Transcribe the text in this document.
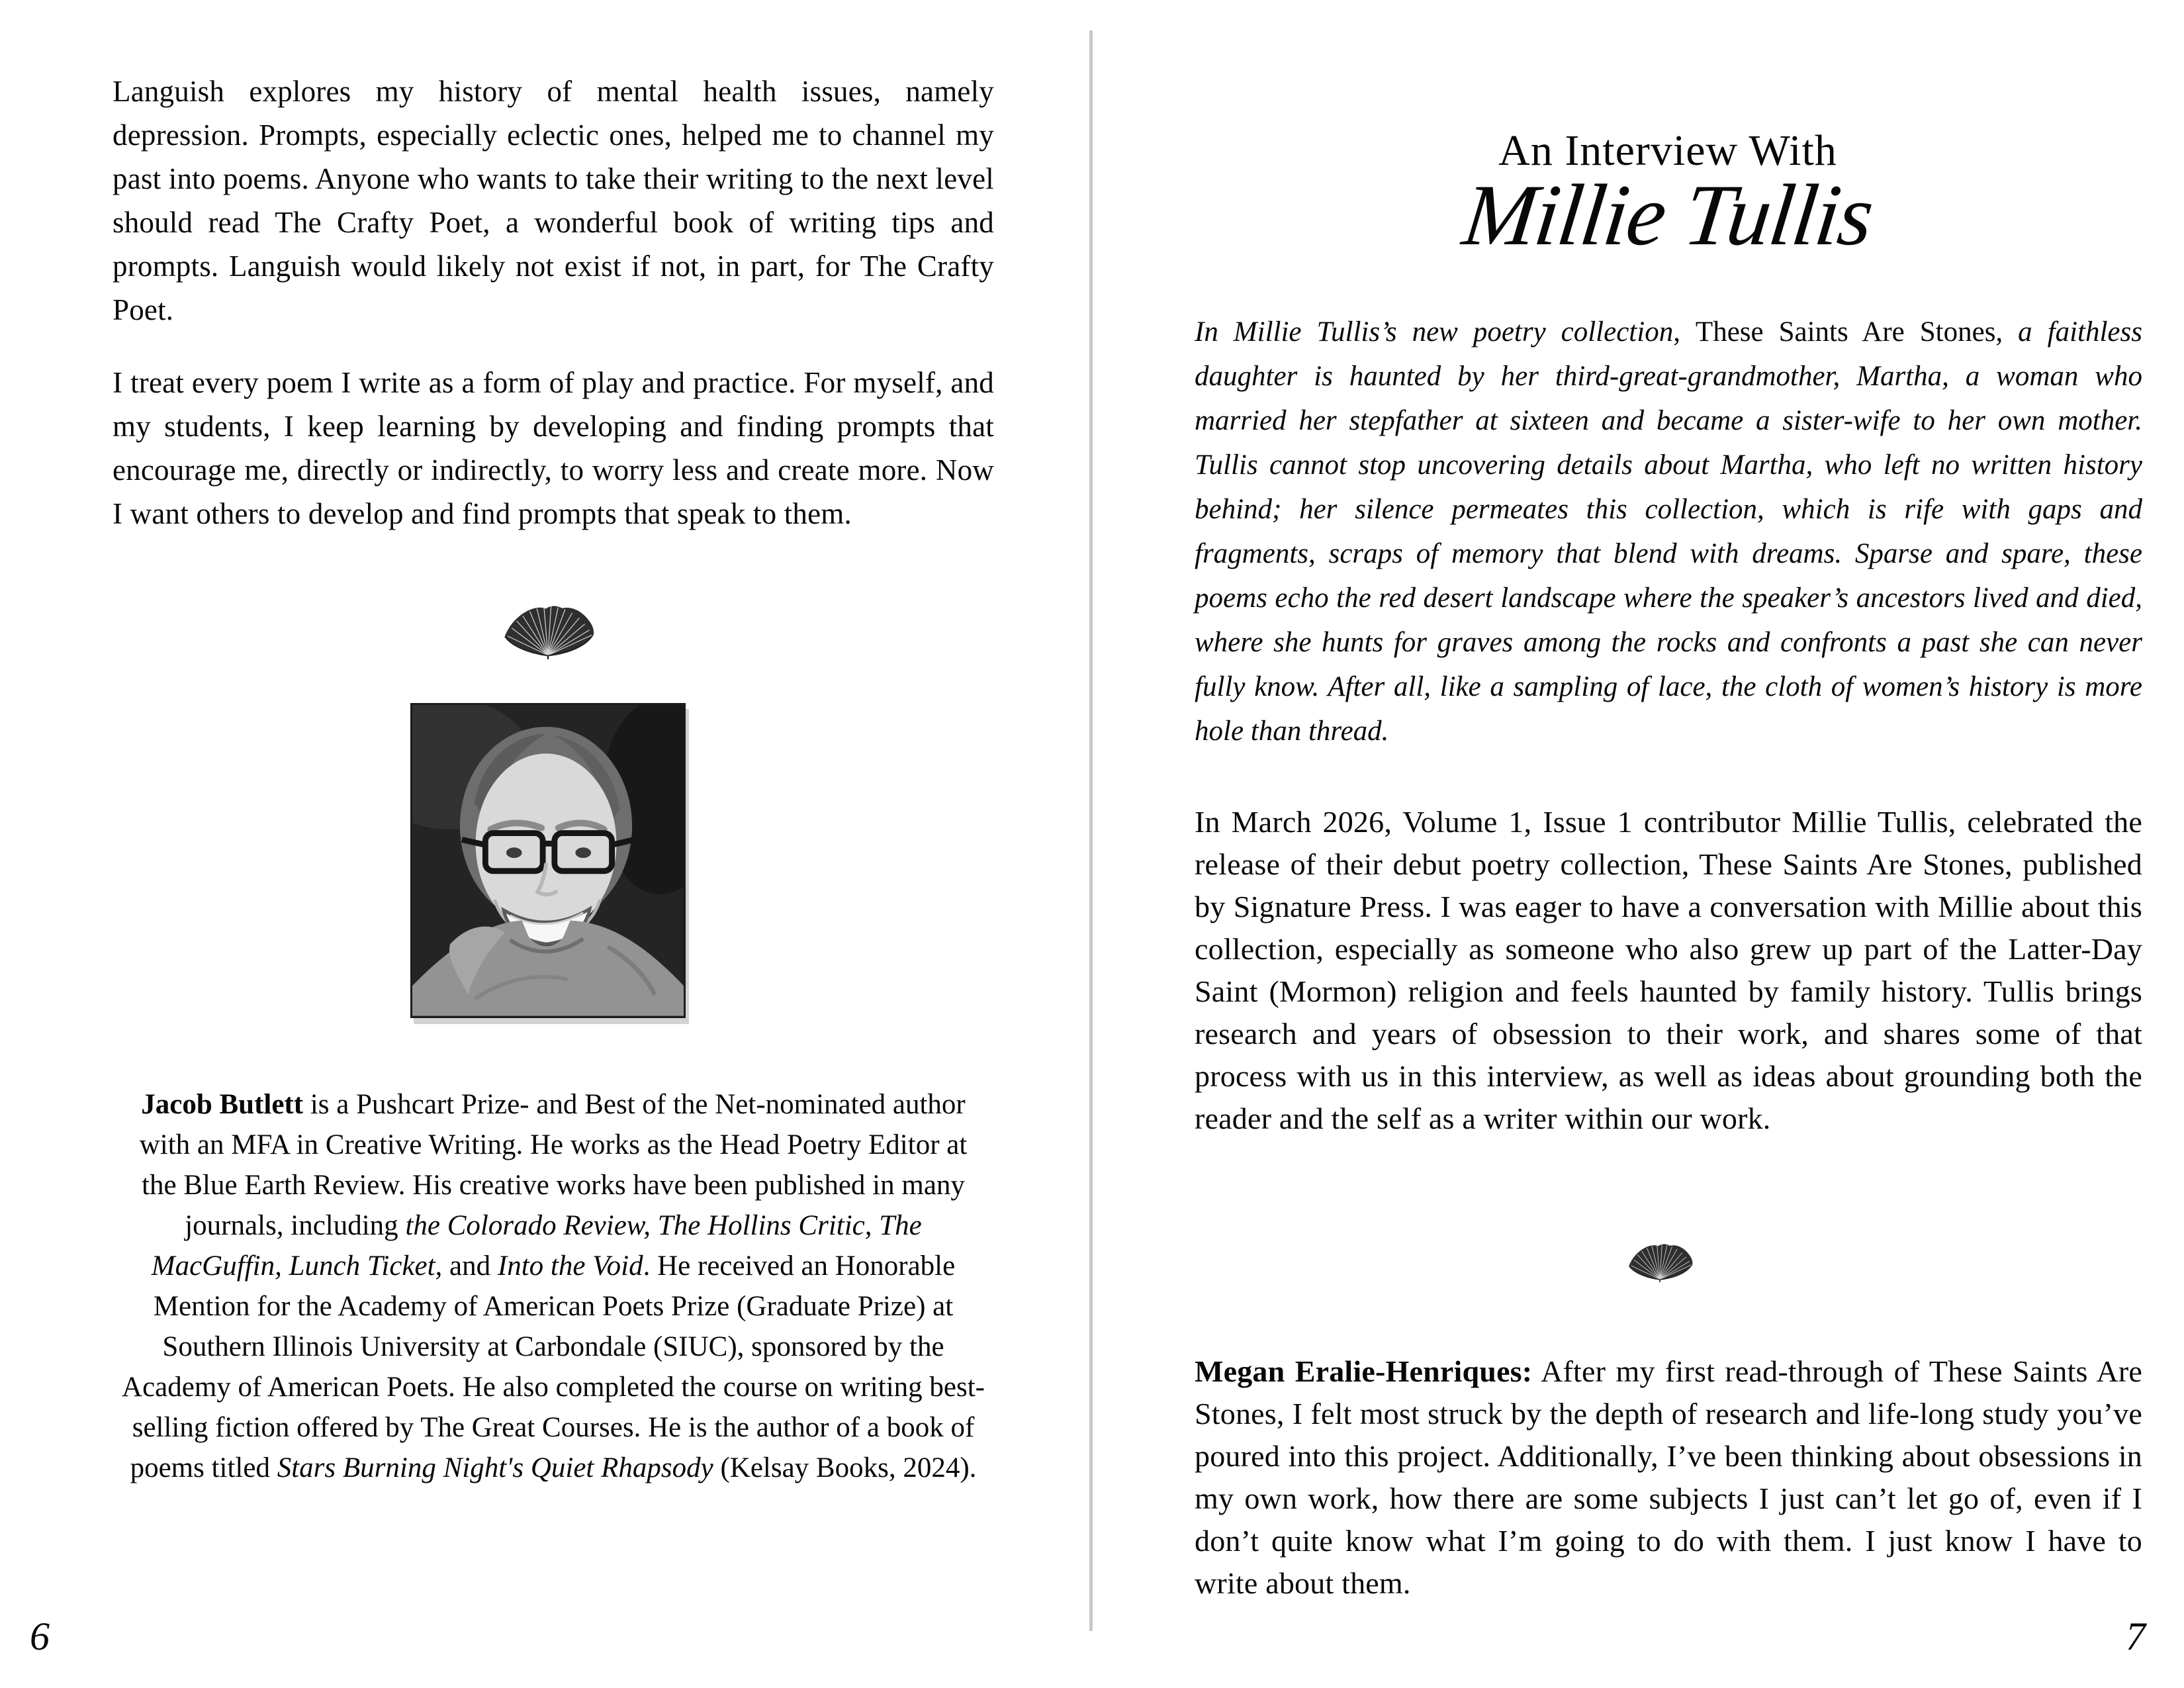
Languish explores my history of mental health issues, namely depression. Prompts, especially eclectic ones, helped me to channel my past into poems. Anyone who wants to take their writing to the next level should read The Crafty Poet, a wonderful book of writing tips and prompts. Languish would likely not exist if not, in part, for The Crafty Poet.

I treat every poem I write as a form of play and practice. For myself, and my students, I keep learning by developing and finding prompts that encourage me, directly or indirectly, to worry less and create more. Now I want others to develop and find prompts that speak to them.

Jacob Butlett is a Pushcart Prize- and Best of the Net-nominated author with an MFA in Creative Writing. He works as the Head Poetry Editor at the Blue Earth Review. His creative works have been published in many journals, including the Colorado Review, The Hollins Critic, The MacGuffin, Lunch Ticket, and Into the Void. He received an Honorable Mention for the Academy of American Poets Prize (Graduate Prize) at Southern Illinois University at Carbondale (SIUC), sponsored by the Academy of American Poets. He also completed the course on writing best-selling fiction offered by The Great Courses. He is the author of a book of poems titled Stars Burning Night's Quiet Rhapsody (Kelsay Books, 2024).

6
An Interview With
Millie Tullis

In Millie Tullis’s new poetry collection, These Saints Are Stones, a faithless daughter is haunted by her third-great-grandmother, Martha, a woman who married her stepfather at sixteen and became a sister-wife to her own mother. Tullis cannot stop uncovering details about Martha, who left no written history behind; her silence permeates this collection, which is rife with gaps and fragments, scraps of memory that blend with dreams. Sparse and spare, these poems echo the red desert landscape where the speaker’s ancestors lived and died, where she hunts for graves among the rocks and confronts a past she can never fully know. After all, like a sampling of lace, the cloth of women’s history is more hole than thread.

In March 2026, Volume 1, Issue 1 contributor Millie Tullis, celebrated the release of their debut poetry collection, These Saints Are Stones, published by Signature Press. I was eager to have a conversation with Millie about this collection, especially as someone who also grew up part of the Latter-Day Saint (Mormon) religion and feels haunted by family history. Tullis brings research and years of obsession to their work, and shares some of that process with us in this interview, as well as ideas about grounding both the reader and the self as a writer within our work.

Megan Eralie-Henriques: After my first read-through of These Saints Are Stones, I felt most struck by the depth of research and life-long study you’ve poured into this project. Additionally, I’ve been thinking about obsessions in my own work, how there are some subjects I just can’t let go of, even if I don’t quite know what I’m going to do with them. I just know I have to write about them.

7
